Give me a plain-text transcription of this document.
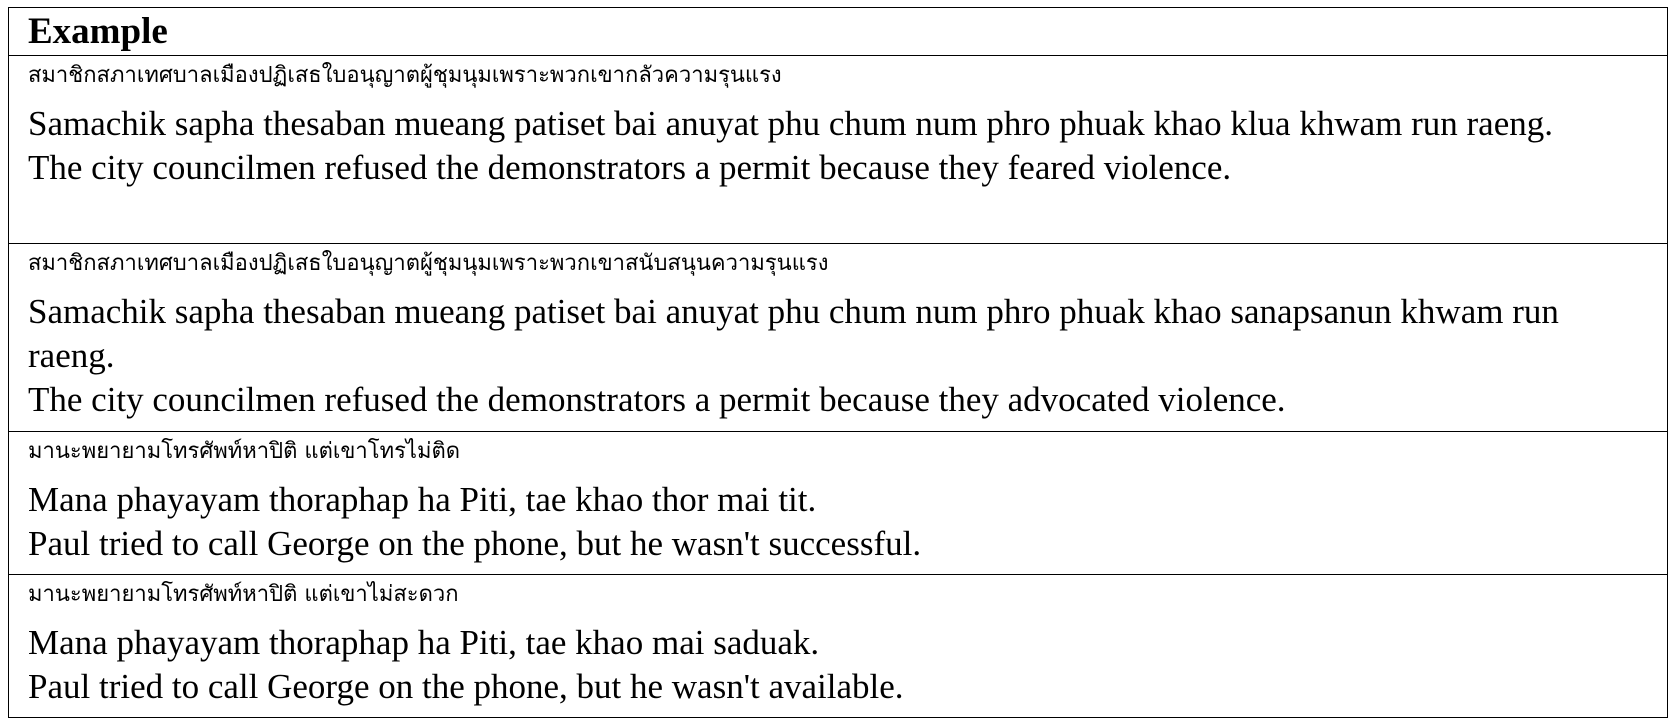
Example
สมาชิกสภาเทศบาลเมืองปฏิเสธใบอนุญาตผู้ชุมนุมเพราะพวกเขากลัวความรุนแรง
Samachik sapha thesaban mueang patiset bai anuyat phu chum num phro phuak khao klua khwam run raeng.
The city councilmen refused the demonstrators a permit because they feared violence.
สมาชิกสภาเทศบาลเมืองปฏิเสธใบอนุญาตผู้ชุมนุมเพราะพวกเขาสนับสนุนความรุนแรง
Samachik sapha thesaban mueang patiset bai anuyat phu chum num phro phuak khao sanapsanun khwam run raeng.
The city councilmen refused the demonstrators a permit because they advocated violence.
มานะพยายามโทรศัพท์หาปิติ แต่เขาโทรไม่ติด
Mana phayayam thoraphap ha Piti, tae khao thor mai tit.
Paul tried to call George on the phone, but he wasn't successful.
มานะพยายามโทรศัพท์หาปิติ แต่เขาไม่สะดวก
Mana phayayam thoraphap ha Piti, tae khao mai saduak.
Paul tried to call George on the phone, but he wasn't available.
